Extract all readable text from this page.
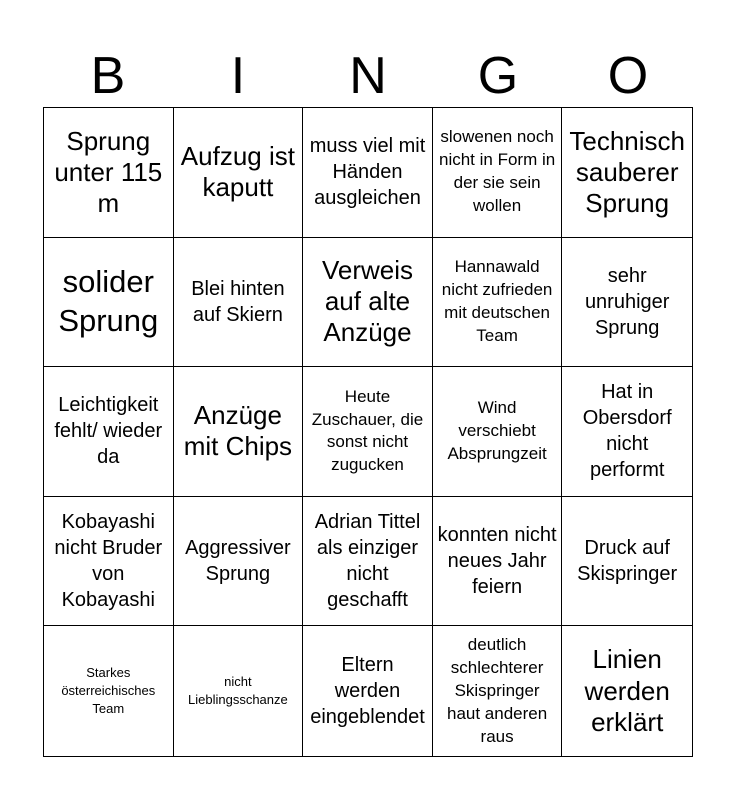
B	I	N	G	O
Sprung unter 115 m
Aufzug ist kaputt
muss viel mit Händen ausgleichen
slowenen noch nicht in Form in der sie sein wollen
Technisch sauberer Sprung
solider Sprung
Blei hinten auf Skiern
Verweis auf alte Anzüge
Hannawald nicht zufrieden mit deutschen Team
sehr unruhiger Sprung
Leichtigkeit fehlt/ wieder da
Anzüge mit Chips
Heute Zuschauer, die sonst nicht zugucken
Wind verschiebt Absprungzeit
Hat in Obersdorf nicht performt
Kobayashi nicht Bruder von Kobayashi
Aggressiver Sprung
Adrian Tittel als einziger nicht geschafft
konnten nicht neues Jahr feiern
Druck auf Skispringer
Starkes österreichisches Team
nicht Lieblingsschanze
Eltern werden eingeblendet
deutlich schlechterer Skispringer haut anderen raus
Linien werden erklärt
